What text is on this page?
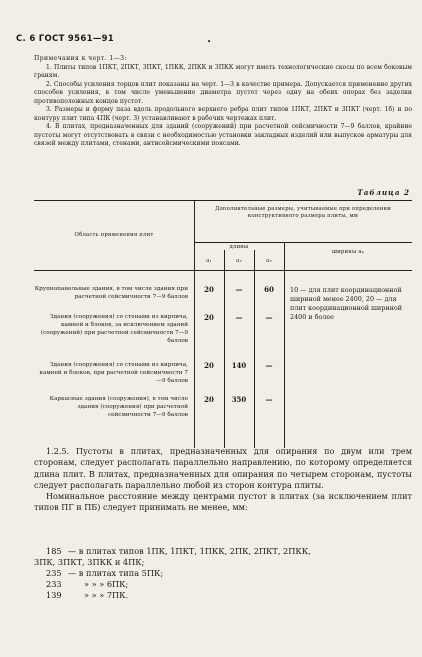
С. 6 ГОСТ 9561—91	•

Примечания к черт. 1—3:

1. Плиты типов 1ПКТ, 2ПКТ, 3ПКТ, 1ПКК, 2ПКК и 3ПКК могут иметь технологические скосы по всем боковым граням.

2. Способы усиления торцов плит показаны на черт. 1—3 в качестве примера. Допускается применение других способов усиления, в том числе уменьшение диаметра пустот через одну на обеих опорах без заделки противоположных концов пустот.

3. Размеры и форму паза вдоль продольного верхнего ребра плит типов 1ПКТ, 2ПКТ и 3ПКТ (черт. 1б) и по контуру плит типа 4ПК (черт. 3) устанавливают в рабочих чертежах плит.

4. В плитах, предназначенных для зданий (сооружений) при расчетной сейсмичности 7—9 баллов, крайние пустоты могут отсутствовать в связи с необходимостью установки закладных изделий или выпусков арматуры для связей между плитами, стенами, антисейсмическими поясами.

Таблица 2
Область применения плит
Дополнительные размеры, учитываемые при определении конструктивного размера плиты, мм
длины
ширины a₄
a₁	a₂	a₃
Крупнопанельные здания, в том числе здания при расчетной сейсмичности 7—9 баллов
20	—	60
Здания (сооружения) со стенами из кирпича, камней и блоков, за исключением зданий (сооружений) при расчетной сейсмичности 7—9 баллов
20	—	—
Здания (сооружения) со стенами из кирпича, камней и блоков, при расчетной сейсмичности 7—9 баллов
20	140	—
Каркасные здания (сооружения), в том числе здания (сооружения) при расчетной сейсмичности 7—9 баллов
20	350	—
10 — для плит координационной шириной менее 2400, 20 — для плит координационной шириной 2400 и более

1.2.5. Пустоты в плитах, предназначенных для опирания по двум или трем сторонам, следует располагать параллельно направлению, по которому определяется длина плит. В плитах, предназначенных для опирания по четырем сторонам, пустоты следует располагать параллельно любой из сторон контура плиты.

Номинальное расстояние между центрами пустот в плитах (за исключением плит типов ПГ и ПБ) следует принимать не менее, мм:

185 — в плитах типов 1ПК, 1ПКТ, 1ПКК, 2ПК, 2ПКТ, 2ПКК,
3ПК, 3ПКТ, 3ПКК и 4ПК;
235 — в плитах типа 5ПК;
233	» » » 6ПК;
139	» » » 7ПК.
